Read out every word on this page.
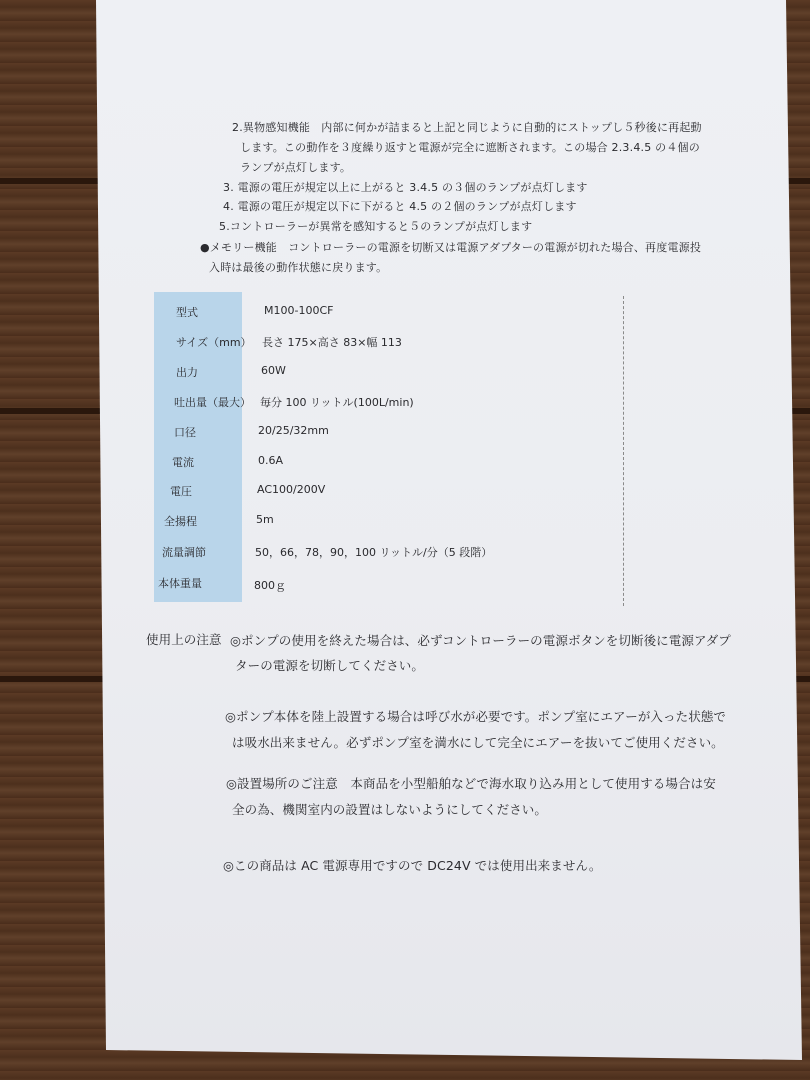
2.異物感知機能　内部に何かが詰まると上記と同じように自動的にストップし５秒後に再起動
します。この動作を３度繰り返すと電源が完全に遮断されます。この場合 2.3.4.5 の４個の
ランプが点灯します。
3. 電源の電圧が規定以上に上がると 3.4.5 の３個のランプが点灯します
4. 電源の電圧が規定以下に下がると 4.5 の２個のランプが点灯します
5.コントローラーが異常を感知すると５のランプが点灯します
●メモリー機能　コントローラーの電源を切断又は電源アダプターの電源が切れた場合、再度電源投
入時は最後の動作状態に戻ります。
型式	M100-100CF
サイズ（mm） 長さ 175×高さ 83×幅 113
出力	60W
吐出量（最大） 毎分 100 リットル(100L/min)
口径	20/25/32mm
電流	0.6A
電圧	AC100/200V
全揚程	5m
流量調節	50，66，78，90，100 リットル/分（5 段階）
本体重量	800ｇ
使用上の注意 ◎ポンプの使用を終えた場合は、必ずコントローラーの電源ボタンを切断後に電源アダプ
ターの電源を切断してください。
◎ポンプ本体を陸上設置する場合は呼び水が必要です。ポンプ室にエアーが入った状態で
は吸水出来ません。必ずポンプ室を満水にして完全にエアーを抜いてご使用ください。
◎設置場所のご注意　本商品を小型船舶などで海水取り込み用として使用する場合は安
全の為、機関室内の設置はしないようにしてください。
◎この商品は AC 電源専用ですので DC24V では使用出来ません。
